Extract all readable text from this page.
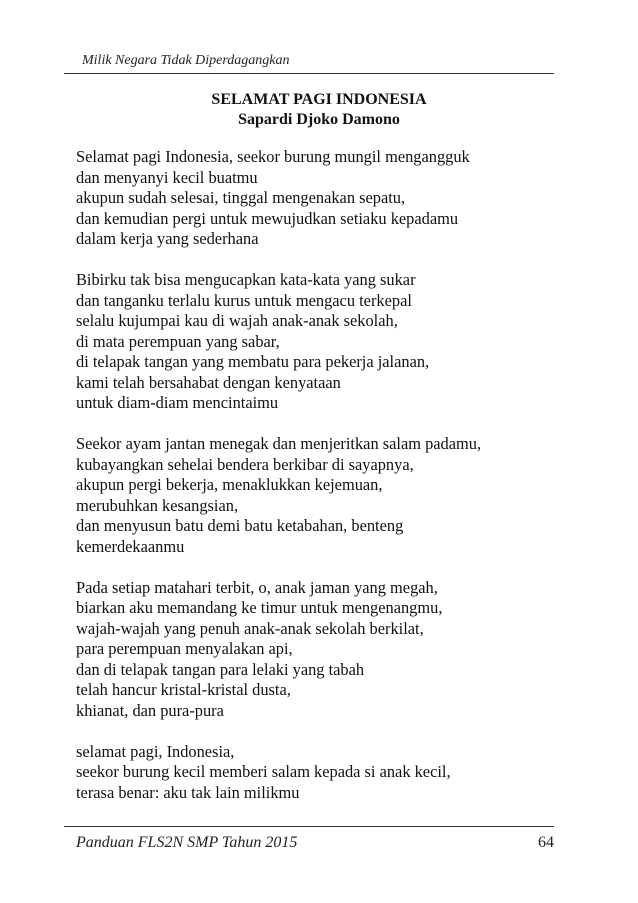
Milik Negara Tidak Diperdagangkan
SELAMAT PAGI INDONESIA
Sapardi Djoko Damono
Selamat pagi Indonesia, seekor burung mungil mengangguk
dan menyanyi kecil buatmu
akupun sudah selesai, tinggal mengenakan sepatu,
dan kemudian pergi untuk mewujudkan setiaku kepadamu
dalam kerja yang sederhana
Bibirku tak bisa mengucapkan kata-kata yang sukar
dan tanganku terlalu kurus untuk mengacu terkepal
selalu kujumpai kau di wajah anak-anak sekolah,
di mata perempuan yang sabar,
di telapak tangan yang membatu para pekerja jalanan,
kami telah bersahabat dengan kenyataan
untuk diam-diam mencintaimu
Seekor ayam jantan menegak dan menjeritkan salam padamu,
kubayangkan sehelai bendera berkibar di sayapnya,
akupun pergi bekerja, menaklukkan kejemuan,
merubuhkan kesangsian,
dan menyusun batu demi batu ketabahan, benteng
kemerdekaanmu
Pada setiap matahari terbit, o, anak jaman yang megah,
biarkan aku memandang ke timur untuk mengenangmu,
wajah-wajah yang penuh anak-anak sekolah berkilat,
para perempuan menyalakan api,
dan di telapak tangan para lelaki yang tabah
telah hancur kristal-kristal dusta,
khianat, dan pura-pura
selamat pagi, Indonesia,
seekor burung kecil memberi salam kepada si anak kecil,
terasa benar: aku tak lain milikmu
Panduan FLS2N SMP Tahun 2015	64
